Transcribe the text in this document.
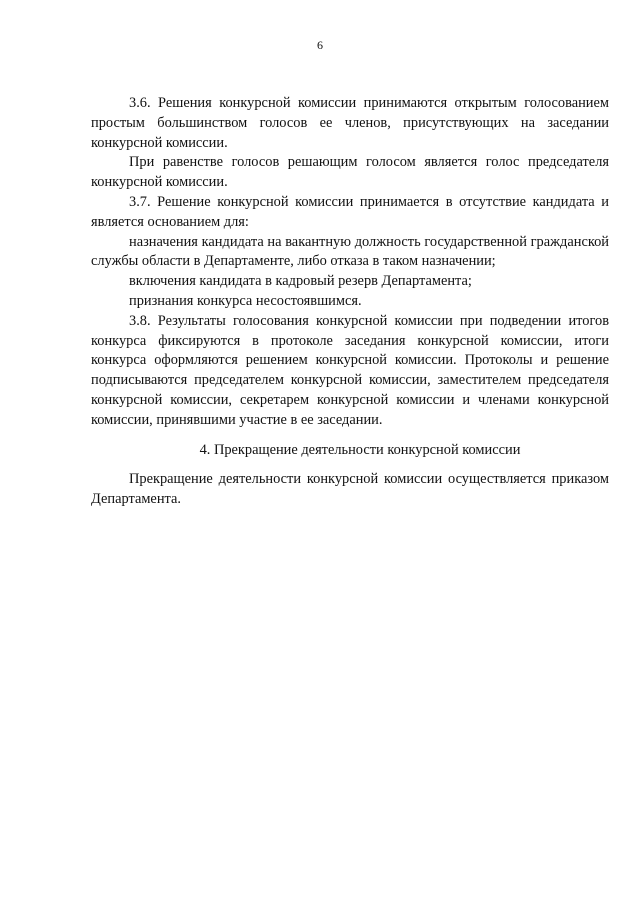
6

3.6. Решения конкурсной комиссии принимаются открытым голосованием простым большинством голосов ее членов, присутствующих на заседании конкурсной комиссии.

При равенстве голосов решающим голосом является голос председателя конкурсной комиссии.

3.7. Решение конкурсной комиссии принимается в отсутствие кандидата и является основанием для:

назначения кандидата на вакантную должность государственной гражданской службы области в Департаменте, либо отказа в таком назначении;

включения кандидата в кадровый резерв Департамента;

признания конкурса несостоявшимся.

3.8. Результаты голосования конкурсной комиссии при подведении итогов конкурса фиксируются в протоколе заседания конкурсной комиссии, итоги конкурса оформляются решением конкурсной комиссии. Протоколы и решение подписываются председателем конкурсной комиссии, заместителем председателя конкурсной комиссии, секретарем конкурсной комиссии и членами конкурсной комиссии, принявшими участие в ее заседании.

4. Прекращение деятельности конкурсной комиссии

Прекращение деятельности конкурсной комиссии осуществляется приказом Департамента.
